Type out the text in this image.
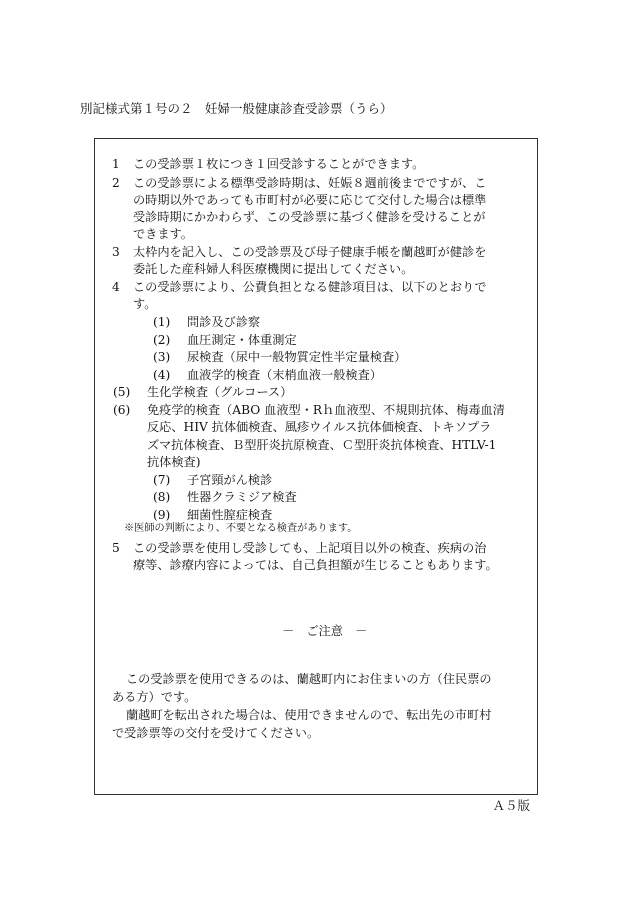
別記様式第１号の２　妊婦一般健康診査受診票（うら）
1 この受診票１枚につき１回受診することができます。
2 この受診票による標準受診時期は、妊娠８週前後までですが、こ
の時期以外であっても市町村が必要に応じて交付した場合は標準
受診時期にかかわらず、この受診票に基づく健診を受けることが
できます。
3 太枠内を記入し、この受診票及び母子健康手帳を蘭越町が健診を
委託した産科婦人科医療機関に提出してください。
4 この受診票により、公費負担となる健診項目は、以下のとおりで
す。
(1) 問診及び診察
(2) 血圧測定・体重測定
(3) 尿検査（尿中一般物質定性半定量検査）
(4) 血液学的検査（末梢血液一般検査）
(5) 生化学検査（グルコース）
(6) 免疫学的検査（ABO 血液型・Rｈ血液型、不規則抗体、梅毒血清
反応、HIV 抗体価検査、風疹ウイルス抗体価検査、トキソプラ
ズマ抗体検査、Ｂ型肝炎抗原検査、Ｃ型肝炎抗体検査、HTLV-1
抗体検査)
(7) 子宮頸がん検診
(8) 性器クラミジア検査
(9) 細菌性膣症検査
※医師の判断により、不要となる検査があります。
5 この受診票を使用し受診しても、上記項目以外の検査、疾病の治
療等、診療内容によっては、自己負担額が生じることもあります。
－　ご注意　－
この受診票を使用できるのは、蘭越町内にお住まいの方（住民票の
ある方）です。
蘭越町を転出された場合は、使用できませんので、転出先の市町村
で受診票等の交付を受けてください。
Ａ５版
